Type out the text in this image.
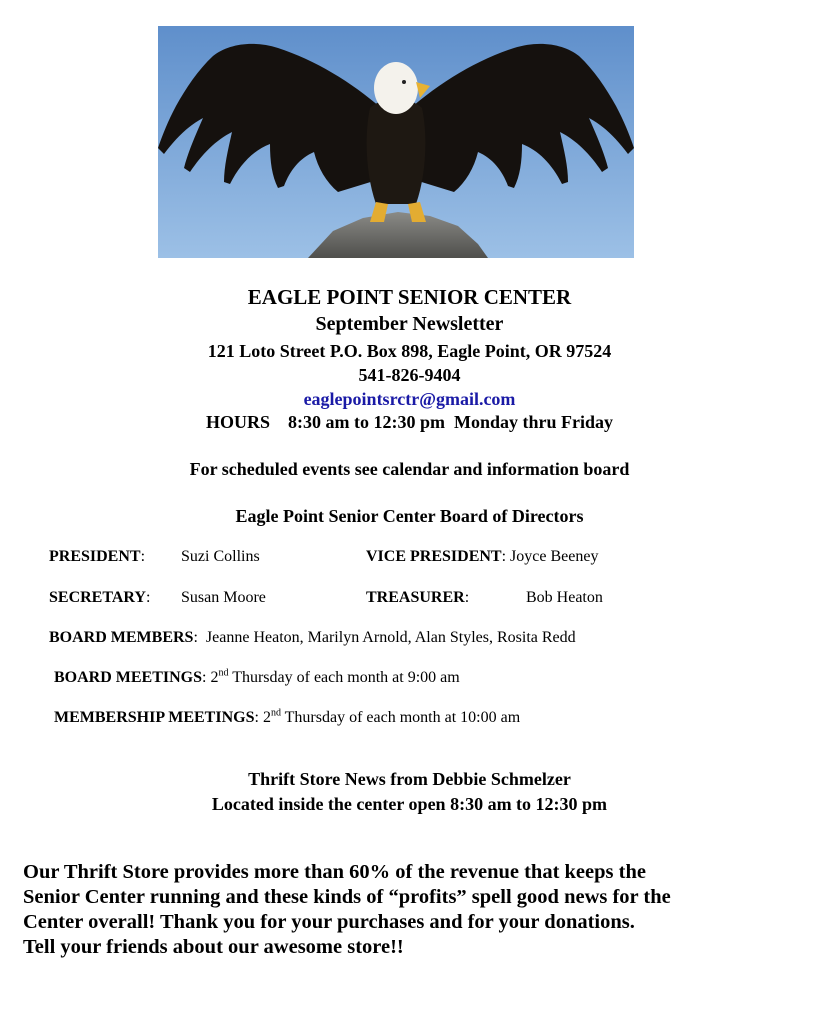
EAGLE POINT SENIOR CENTER
September Newsletter
121 Loto Street P.O. Box 898, Eagle Point, OR 97524
541-826-9404
eaglepointsrctr@gmail.com
HOURS    8:30 am to 12:30 pm  Monday thru Friday
For scheduled events see calendar and information board
Eagle Point Senior Center Board of Directors
PRESIDENT: Suzi Collins	VICE PRESIDENT: Joyce Beeney
SECRETARY: Susan Moore	TREASURER:	Bob Heaton
BOARD MEMBERS:  Jeanne Heaton, Marilyn Arnold, Alan Styles, Rosita Redd
BOARD MEETINGS: 2nd Thursday of each month at 9:00 am
MEMBERSHIP MEETINGS: 2nd Thursday of each month at 10:00 am
Thrift Store News from Debbie Schmelzer
Located inside the center open 8:30 am to 12:30 pm
Our Thrift Store provides more than 60% of the revenue that keeps the
Senior Center running and these kinds of “profits” spell good news for the
Center overall! Thank you for your purchases and for your donations.
Tell your friends about our awesome store!!
